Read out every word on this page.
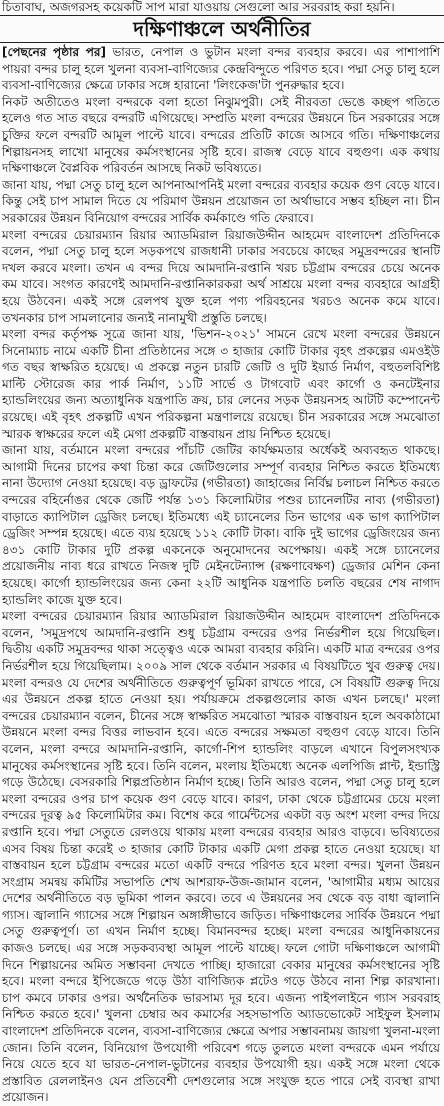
চিতাবাঘ, অজগরসহ কয়েকটি সাপ মারা যাওয়ায় সেগুলো আর সরবরাহ করা হয়নি।
দক্ষিণাঞ্চলে অর্থনীতির

[পেছনের পৃষ্ঠার পর] ভারত, নেপাল ও ভুটান মংলা বন্দর ব্যবহার করবে। এর পাশাপাশি পায়রা বন্দর চালু হলে খুলনা ব্যবসা-বাণিজ্যের কেন্দ্রবিন্দুতে পরিণত হবে। পদ্মা সেতু চালু হলে ব্যবসা-বাণিজ্যের ক্ষেত্রে ঢাকার সঙ্গে হারানো 'লিংকেজ'টা পুনরুদ্ধার হবে।

নিকট অতীতেও মংলা বন্দরকে বলা হতো নিঝুমপুরী। সেই নীরবতা ভেঙে কচ্ছপ গতিতে হলেও গত সাত বছরে বন্দরটি এগিয়েছে। সম্প্রতি মংলা বন্দরের উন্নয়নে চিন সরকারের সঙ্গে চুক্তির ফলে বন্দরটি আমূল পাল্টে যাবে। বন্দরের প্রতিটি কাজে আসবে গতি। দক্ষিণাঞ্চলের শিল্পায়নসহ লাখো মানুষের কর্মসংস্থানের সৃষ্টি হবে। রাজস্ব বেড়ে যাবে বহুগুণ। এক কথায় দক্ষিণাঞ্চলে বৈপ্লবিক পরিবর্তন আসছে নিকট ভবিষ্যতে।

জানা যায়, পদ্মা সেতু চালু হলে আপনাআপনিই মংলা বন্দরের ব্যবহার কয়েক গুণ বেড়ে যাবে। কিন্তু সেই চাপ সামাল দিতে যে পরিমাণ উন্নয়ন প্রয়োজন তা অর্থাভাবে সম্ভব হচ্ছিল না। চীন সরকারের উন্নয়ন বিনিয়োগ বন্দরের সার্বিক কর্মকাণ্ডে গতি ফেরাবে।

মংলা বন্দরের চেয়ারম্যান রিয়ার অ্যাডমিরাল রিয়াজউদ্দীন আহমেদ বাংলাদেশ প্রতিদিনকে বলেন, পদ্মা সেতু চালু হলে সড়কপথে রাজধানী ঢাকার সবচেয়ে কাছের সমুদ্রবন্দরের স্থানটি দখল করবে মংলা। তখন এ বন্দর দিয়ে আমদানি-রপ্তানি খরচ চট্টগ্রাম বন্দরের চেয়ে অনেক কম যাবে। সংগত কারণেই আমদানি-রপ্তানিকারকরা অর্থ সাশ্রয়ে মংলা বন্দর ব্যবহারে আগ্রহী হয়ে উঠবেন। একই সঙ্গে রেলপথ যুক্ত হলে পণ্য পরিবহনের খরচও অনেক কমে যাবে। তখনকার চাপ সামলানোর জন্যই নানামুখী প্রস্তুতি চলছে।

মংলা বন্দর কর্তৃপক্ষ সূত্রে জানা যায়, 'ভিশন-২০২১' সামনে রেখে মংলা বন্দরের উন্নয়নে সিনোম্যাচ নামে একটি চীনা প্রতিষ্ঠানের সঙ্গে ৩ হাজার কোটি টাকার বৃহৎ প্রকল্পের এমওইউ গত বছর স্বাক্ষরিত হয়েছে। এ প্রকল্পে নতুন চারটি জেটি ও দুটি ইয়ার্ড নির্মাণ, বহুতলবিশিষ্ট মাল্টি স্টোরেজ কার পার্ক নির্মাণ, ১১টি সার্ভে ও টাগবোট এবং কার্গো ও কনটেইনার হ্যান্ডলিংয়ের জন্য অত্যাধুনিক যন্ত্রপাতি ক্রয়, চার লেনের সড়ক উন্নয়নসহ আটটি কম্পোনেন্ট রয়েছে। এই বৃহৎ প্রকল্পটি এখন পরিকল্পনা মন্ত্রণালয়ে রয়েছে। চীন সরকারের সঙ্গে সমঝোতা স্মারক স্বাক্ষরের ফলে এই মেগা প্রকল্পটি বাস্তবায়ন প্রায় নিশ্চিত হয়েছে।

জানা যায়, বর্তমানে মংলা বন্দরের পাঁচটি জেটির কার্যক্ষমতার অর্ধেকই অব্যবহৃত থাকছে। আগামী দিনের চাপের কথা চিন্তা করে জেটিগুলোর সম্পূর্ণ ব্যবহার নিশ্চিত করতে ইতিমধ্যে নানা উদ্যোগ নেওয়া হয়েছে। বড় ড্রাফটের (গভীরতা) জাহাজের নির্বিঘ্ন চলাচল নিশ্চিত করতে বন্দরের বহির্নোঙর থেকে জেটি পর্যন্ত ১৩১ কিলোমিটার পশুর চ্যানেলটির নাব্য (গভীরতা) বাড়াতে ক্যাপিটাল ড্রেজিং চলছে। ইতিমধ্যে এই চ্যানেলের তিন ভাগের এক ভাগ ক্যাপিটাল ড্রেজিং সম্পন্ন হয়েছে। এতে ব্যয় হয়েছে ১১২ কোটি টাকা। বাকি দুই ভাগের ড্রেজিংয়ের জন্য ৪৩১ কোটি টাকার দুটি প্রকল্প একনেকে অনুমোদনের অপেক্ষায়। একই সঙ্গে চ্যানেলের প্রয়োজনীয় নাব্য ধরে রাখতে নিজস্ব দুটি মেইনটেন্যান্স (রক্ষণাবেক্ষণ) ড্রেজার মেশিন কেনা হয়েছে। কার্গো হ্যান্ডলিংয়ের জন্য কেনা ২২টি আধুনিক যন্ত্রপাতি চলতি বছরের শেষ নাগাদ হ্যান্ডলিং কাজে যুক্ত হবে।

মংলা বন্দরের চেয়ারম্যান রিয়ার অ্যাডমিরাল রিয়াজউদ্দীন আহমেদ বাংলাদেশ প্রতিদিনকে বলেন, 'সমুদ্রপথে আমদানি-রপ্তানি শুধু চট্টগ্রাম বন্দরের ওপর নির্ভরশীল হয়ে গিয়েছিল। দ্বিতীয় একটি সমুদ্রবন্দর থাকা সত্ত্বেও একে আমরা ব্যবহার করিনি। একটি মাত্র বন্দরের ওপর নির্ভরশীল হয়ে গিয়েছিলাম। ২০০৯ সাল থেকে বর্তমান সরকার এ বিষয়টিতে খুব গুরুত্ব দেয়। মংলা বন্দরও যে দেশের অর্থনীতিতে গুরুত্বপূর্ণ ভূমিকা রাখতে পারে, সে বিষয়টি গুরুত্ব দিয়ে এর উন্নয়নে প্রকল্প হাতে নেওয়া হয়। পর্যায়ক্রমে প্রকল্পগুলোর কাজ এখন চলছে।' মংলা বন্দরের চেয়ারম্যান বলেন, চীনের সঙ্গে স্বাক্ষরিত সমঝোতা স্মারক বাস্তবায়ন হলে অবকাঠামো উন্নয়নে মংলা বন্দর বিত্তর লাভবান হবে। এতে বন্দরের সক্ষমতা বহুগুণ বেড়ে যাবে। তিনি বলেন, মংলা বন্দরে আমদানি-রপ্তানি, কার্গো-শিপ হ্যান্ডলিং বাড়লে এখানে বিপুলসংখ্যক মানুষের কর্মসংস্থানের সৃষ্টি হবে। তিনি বলেন, মংলায় ইতিমধ্যে অনেক এলপিজি প্লান্ট, ইন্ডাস্ট্রি গড়ে উঠেছে। বেসরকারি শিল্পপ্রতিষ্ঠান নির্মাণ হচ্ছে। তিনি আরও বলেন, পদ্মা সেতু চালু হলে মংলা বন্দরের ওপর চাপ কয়েক গুণ বেড়ে যাবে। কারণ, ঢাকা থেকে চট্টগ্রামের চেয়ে মংলা বন্দরের দূরত্ব ৯৫ কিলোমিটার কম। বিশেষ করে গার্মেন্টসের একটা বড় অংশ মংলা বন্দর দিয়ে রপ্তানি হবে। পদ্মা সেতুতে রেলওয়ে থাকায় মংলা বন্দরের ব্যবহার আরও বাড়বে। ভবিষ্যতের এসব বিষয় চিন্তা করেই ৩ হাজার কোটি টাকার একটি মেগা প্রকল্প হাতে নেওয়া হয়েছে। যা বাস্তবায়ন হলে চট্টগ্রাম বন্দরের মতো একটি বন্দরে পরিণত হবে মংলা বন্দর। খুলনা উন্নয়ন সংগ্রাম সমন্বয় কমিটির সভাপতি শেখ আশরাফ-উজ-জামান বলেন, 'আগামীর মধ্যম আয়ের দেশের অর্থনীতিতে বড় ভূমিকা পালন করবে। তবে এ উন্নয়নের সব থেকে বড় বাধা জ্বালানি গ্যাস। জ্বালানি গ্যাসের সঙ্গে শিল্পায়ন অঙ্গাঙ্গীভাবে জড়িত। দক্ষিণাঞ্চলের সার্বিক উন্নয়নে পদ্মা সেতু গুরুত্বপূর্ণ। তা এখন নির্মাণ হচ্ছে। বিমানবন্দর হচ্ছে। মংলা বন্দরের আধুনিকায়নের কাজও চলছে। এর সঙ্গে সড়কব্যবস্থা আমূল পাল্টে যাচ্ছে। ফলে গোটা দক্ষিণাঞ্চলে আগামী দিনে শিল্পায়নের অমিত সম্ভাবনা দেখতে পাচ্ছি। হাজারো বেকার মানুষের কর্মসংস্থানের সৃষ্টি হবে। মংলা বন্দরে ইপিজেডে গড়ে উঠা বাণিজ্যিক প্লটেও গড়ে উঠবে নানা শিল্প কারখানা। চাপ কমবে ঢাকার ওপর। অর্থনৈতিক ভারসাম্য দূর হবে। এজন্য পাইপলাইনে গ্যাস সরবরাহ নিশ্চিত করতে হবে।' খুলনা চেম্বার অব কমার্সের সহসভাপতি অ্যাডভোকেট সাইফুল ইসলাম বাংলাদেশ প্রতিদিনকে বলেন, ব্যবসা-বাণিজ্যের ক্ষেত্রে অপার সম্ভাবনাময় জায়গা খুলনা-মংলা জোন। তিনি বলেন, বিনিয়োগ উপযোগী পরিবেশ গড়ে তুলতে মংলা বন্দরকে এমন পর্যায়ে নিয়ে যেতে হবে যা ভারত-নেপাল-ভুটানের ব্যবহার উপযোগী হয়। একই সঙ্গে মংলা থেকে প্রস্তাবিত রেললাইনও যেন প্রতিবেশী দেশগুলোর সঙ্গে সংযুক্ত হতে পারে সেই ব্যবস্থা রাখা প্রয়োজন।
